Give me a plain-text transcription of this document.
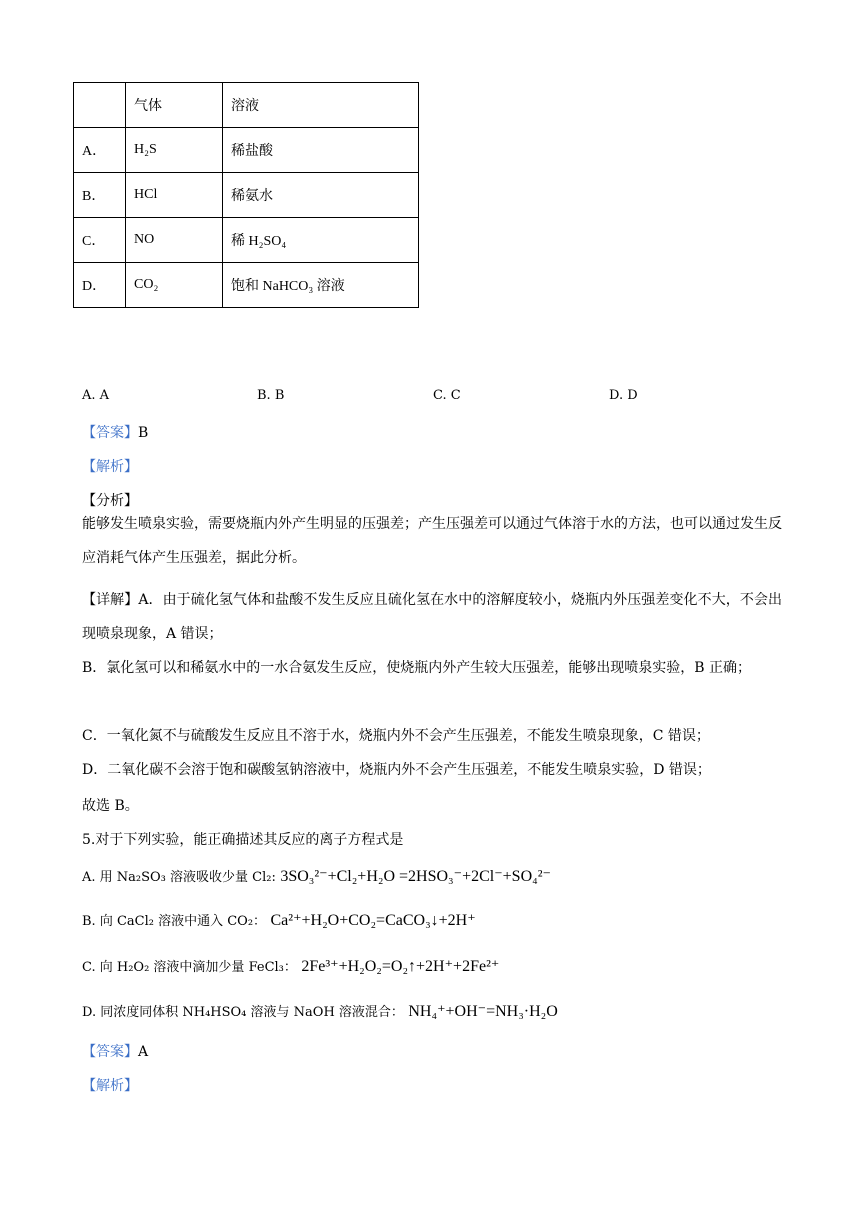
	气体	溶液
A．	H₂S	稀盐酸
B．	HCl	稀氨水
C．	NO	稀 H₂SO₄
D．	CO₂	饱和 NaHCO₃ 溶液
A. A	B. B	C. C	D. D
【答案】B
【解析】
【分析】
能够发生喷泉实验，需要烧瓶内外产生明显的压强差；产生压强差可以通过气体溶于水的方法，也可以通过发生反应消耗气体产生压强差，据此分析。
【详解】A．由于硫化氢气体和盐酸不发生反应且硫化氢在水中的溶解度较小，烧瓶内外压强差变化不大，不会出现喷泉现象，A 错误；
B．氯化氢可以和稀氨水中的一水合氨发生反应，使烧瓶内外产生较大压强差，能够出现喷泉实验，B 正确；
C．一氧化氮不与硫酸发生反应且不溶于水，烧瓶内外不会产生压强差，不能发生喷泉现象，C 错误；
D．二氧化碳不会溶于饱和碳酸氢钠溶液中，烧瓶内外不会产生压强差，不能发生喷泉实验，D 错误；
故选 B。
5.对于下列实验，能正确描述其反应的离子方程式是
A. 用 Na₂SO₃ 溶液吸收少量 Cl₂: 3SO₃²⁻+Cl₂+H₂O =2HSO₃⁻+2Cl⁻+SO₄²⁻
B. 向 CaCl₂ 溶液中通入 CO₂： Ca²⁺+H₂O+CO₂=CaCO₃↓+2H⁺
C. 向 H₂O₂ 溶液中滴加少量 FeCl₃： 2Fe³⁺+H₂O₂=O₂↑+2H⁺+2Fe²⁺
D. 同浓度同体积 NH₄HSO₄ 溶液与 NaOH 溶液混合： NH₄⁺+OH⁻=NH₃·H₂O
【答案】A
【解析】
